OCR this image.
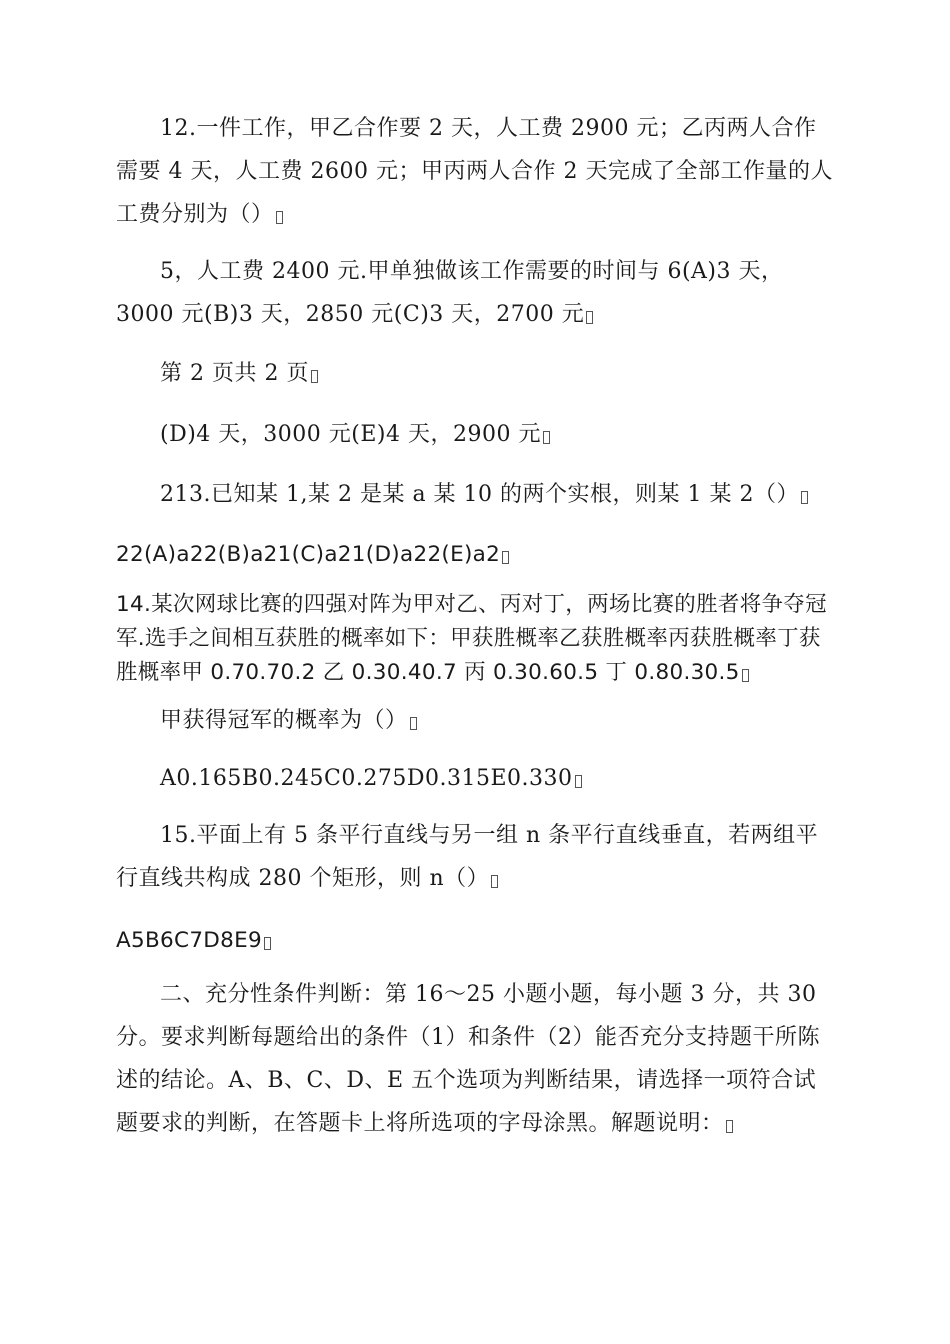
12.一件工作，甲乙合作要 2 天，人工费 2900 元；乙丙两人合作需要 4 天，人工费 2600 元；甲丙两人合作 2 天完成了全部工作量的人工费分别为（）

5，人工费 2400 元.甲单独做该工作需要的时间与 6(A)3 天，3000 元(B)3 天，2850 元(C)3 天，2700 元

第 2 页共 2 页

(D)4 天，3000 元(E)4 天，2900 元

213.已知某 1,某 2 是某 a 某 10 的两个实根，则某 1 某 2（）

22(A)a22(B)a21(C)a21(D)a22(E)a2

14.某次网球比赛的四强对阵为甲对乙、丙对丁，两场比赛的胜者将争夺冠军.选手之间相互获胜的概率如下：甲获胜概率乙获胜概率丙获胜概率丁获胜概率甲 0.70.70.2 乙 0.30.40.7 丙 0.30.60.5 丁 0.80.30.5

甲获得冠军的概率为（）

A0.165B0.245C0.275D0.315E0.330

15.平面上有 5 条平行直线与另一组 n 条平行直线垂直，若两组平行直线共构成 280 个矩形，则 n（）

A5B6C7D8E9

二、充分性条件判断：第 16～25 小题小题，每小题 3 分，共 30 分。要求判断每题给出的条件（1）和条件（2）能否充分支持题干所陈述的结论。A、B、C、D、E 五个选项为判断结果，请选择一项符合试题要求的判断，在答题卡上将所选项的字母涂黑。解题说明：
